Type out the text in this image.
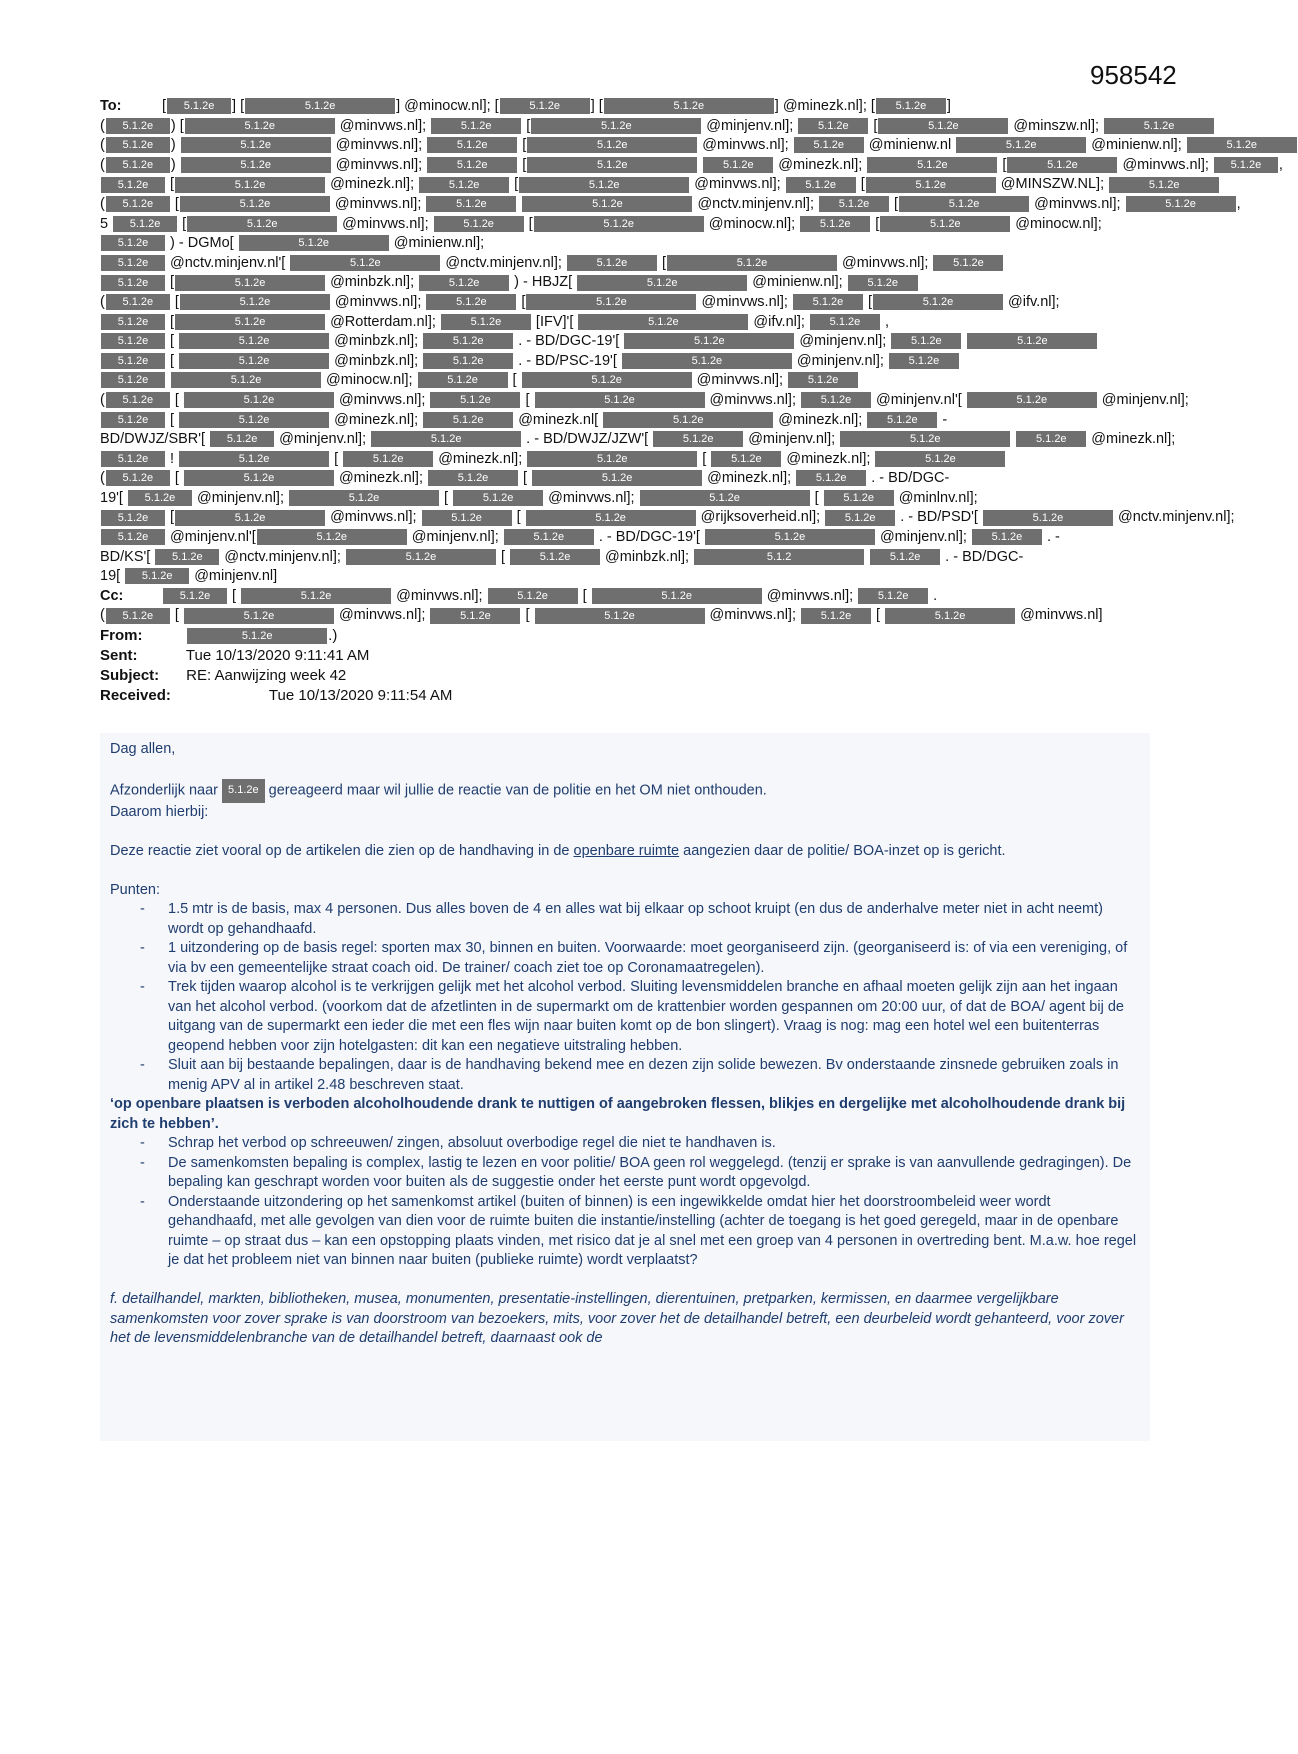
958542
To:	[ 5.1.2e ] [	5.1.2e	] @minocw.nl]; [	5.1.2e ] [	5.1.2e	] @minezk.nl]; [ 5.1.2e ]
( 5.1.2e ) [	5.1.2e	@minvws.nl];	5.1.2e [	5.1.2e	@minjenv.nl]; 5.1.2e [	5.1.2e	@minszw.nl];	5.1.2e
( 5.1.2e )	5.1.2e	@minvws.nl];	5.1.2e [	5.1.2e	@minvws.nl]; 5.1.2e @minienw.nl	5.1.2e	@minienw.nl];	5.1.2e
( 5.1.2e )	5.1.2e	@minvws.nl];	5.1.2e [	5.1.2e	5.1.2e @minezk.nl];	5.1.2e	[	5.1.2e	@minvws.nl]; 5.1.2e ,
5.1.2e [	5.1.2e	@minezk.nl];	5.1.2e [	5.1.2e	@minvws.nl]; 5.1.2e [	5.1.2e	@MINSZW.NL];	5.1.2e
( 5.1.2e [	5.1.2e	@minvws.nl];	5.1.2e	5.1.2e	@nctv.minjenv.nl]; 5.1.2e [	5.1.2e	@minvws.nl];	5.1.2e	,
5 5.1.2e [	5.1.2e	@minvws.nl];	5.1.2e [	5.1.2e	@minocw.nl]; 5.1.2e [	5.1.2e	@minocw.nl];
5.1.2e ) - DGMo[	5.1.2e	@minienw.nl];
5.1.2e @nctv.minjenv.nl'[	5.1.2e	@nctv.minjenv.nl];	5.1.2e [	5.1.2e	@minvws.nl]; 5.1.2e
5.1.2e [	5.1.2e	@minbzk.nl];	5.1.2e ) - HBJZ[	5.1.2e	@minienw.nl]; 5.1.2e
( 5.1.2e [	5.1.2e	@minvws.nl];	5.1.2e [	5.1.2e	@minvws.nl]; 5.1.2e [	5.1.2e	@ifv.nl];
5.1.2e [	5.1.2e	@Rotterdam.nl];	5.1.2e [IFV]'[	5.1.2e	@ifv.nl]; 5.1.2e ,
5.1.2e [	5.1.2e	@minbzk.nl];	5.1.2e . - BD/DGC-19'[	5.1.2e	@minjenv.nl]; 5.1.2e	5.1.2e
5.1.2e [	5.1.2e	@minbzk.nl];	5.1.2e . - BD/PSC-19'[	5.1.2e	@minjenv.nl]; 5.1.2e
5.1.2e	5.1.2e	@minocw.nl];	5.1.2e [	5.1.2e	@minvws.nl]; 5.1.2e
( 5.1.2e [	5.1.2e	@minvws.nl];	5.1.2e [	5.1.2e	@minvws.nl]; 5.1.2e @minjenv.nl'[	5.1.2e	@minjenv.nl];
5.1.2e [	5.1.2e	@minezk.nl];	5.1.2e @minezk.nl[	5.1.2e	@minezk.nl]; 5.1.2e -
BD/DWJZ/SBR'[ 5.1.2e @minjenv.nl];	5.1.2e	. - BD/DWJZ/JZW'[	5.1.2e @minjenv.nl];	5.1.2e	5.1.2e @minezk.nl];
5.1.2e !	5.1.2e	[	5.1.2e @minezk.nl];	5.1.2e	[ 5.1.2e @minezk.nl];	5.1.2e
( 5.1.2e [	5.1.2e	@minezk.nl];	5.1.2e [	5.1.2e	@minezk.nl]; 5.1.2e . - BD/DGC-
19'[ 5.1.2e @minjenv.nl];	5.1.2e	[	5.1.2e @minvws.nl];	5.1.2e	[ 5.1.2e @minlnv.nl];
5.1.2e [	5.1.2e	@minvws.nl];	5.1.2e [	5.1.2e	@rijksoverheid.nl]; 5.1.2e . - BD/PSD'[	5.1.2e	@nctv.minjenv.nl];
5.1.2e @minjenv.nl'[	5.1.2e	@minjenv.nl];	5.1.2e . - BD/DGC-19'[	5.1.2e	@minjenv.nl]; 5.1.2e . -
BD/KS'[ 5.1.2e @nctv.minjenv.nl];	5.1.2e	[	5.1.2e @minbzk.nl];	5.1.2	5.1.2e . - BD/DGC-
19[ 5.1.2e @minjenv.nl]
Cc:	5.1.2e [	5.1.2e	@minvws.nl];	5.1.2e [	5.1.2e	@minvws.nl]; 5.1.2e .
( 5.1.2e [	5.1.2e	@minvws.nl];	5.1.2e [	5.1.2e	@minvws.nl]; 5.1.2e [	5.1.2e	@minvws.nl]
From:	5.1.2e	.)
Sent:	Tue 10/13/2020 9:11:41 AM
Subject: RE: Aanwijzing week 42
Received:	Tue 10/13/2020 9:11:54 AM

Dag allen,

Afzonderlijk naar 5.1.2e gereageerd maar wil jullie de reactie van de politie en het OM niet onthouden.
Daarom hierbij:

Deze reactie ziet vooral op de artikelen die zien op de handhaving in de openbare ruimte aangezien daar de politie/ BOA-inzet op is gericht.

Punten:

- 1.5 mtr is de basis, max 4 personen. Dus alles boven de 4 en alles wat bij elkaar op schoot kruipt (en dus de anderhalve meter niet in acht neemt) wordt op gehandhaafd.
- 1 uitzondering op de basis regel: sporten max 30, binnen en buiten. Voorwaarde: moet georganiseerd zijn. (georganiseerd is: of via een vereniging, of via bv een gemeentelijke straat coach oid. De trainer/ coach ziet toe op Coronamaatregelen).
- Trek tijden waarop alcohol is te verkrijgen gelijk met het alcohol verbod. Sluiting levensmiddelen branche en afhaal moeten gelijk zijn aan het ingaan van het alcohol verbod. (voorkom dat de afzetlinten in de supermarkt om de krattenbier worden gespannen om 20:00 uur, of dat de BOA/ agent bij de uitgang van de supermarkt een ieder die met een fles wijn naar buiten komt op de bon slingert). Vraag is nog: mag een hotel wel een buitenterras geopend hebben voor zijn hotelgasten: dit kan een negatieve uitstraling hebben.
- Sluit aan bij bestaande bepalingen, daar is de handhaving bekend mee en dezen zijn solide bewezen. Bv onderstaande zinsnede gebruiken zoals in menig APV al in artikel 2.48 beschreven staat.

‘op openbare plaatsen is verboden alcoholhoudende drank te nuttigen of aangebroken flessen, blikjes en dergelijke met alcoholhoudende drank bij zich te hebben’.

- Schrap het verbod op schreeuwen/ zingen, absoluut overbodige regel die niet te handhaven is.
- De samenkomsten bepaling is complex, lastig te lezen en voor politie/ BOA geen rol weggelegd. (tenzij er sprake is van aanvullende gedragingen). De bepaling kan geschrapt worden voor buiten als de suggestie onder het eerste punt wordt opgevolgd.
- Onderstaande uitzondering op het samenkomst artikel (buiten of binnen) is een ingewikkelde omdat hier het doorstroombeleid weer wordt gehandhaafd, met alle gevolgen van dien voor de ruimte buiten die instantie/instelling (achter de toegang is het goed geregeld, maar in de openbare ruimte – op straat dus – kan een opstopping plaats vinden, met risico dat je al snel met een groep van 4 personen in overtreding bent. M.a.w. hoe regel je dat het probleem niet van binnen naar buiten (publieke ruimte) wordt verplaatst?

f. detailhandel, markten, bibliotheken, musea, monumenten, presentatie-instellingen, dierentuinen, pretparken, kermissen, en daarmee vergelijkbare samenkomsten voor zover sprake is van doorstroom van bezoekers, mits, voor zover het de detailhandel betreft, een deurbeleid wordt gehanteerd, voor zover het de levensmiddelenbranche van de detailhandel betreft, daarnaast ook de
